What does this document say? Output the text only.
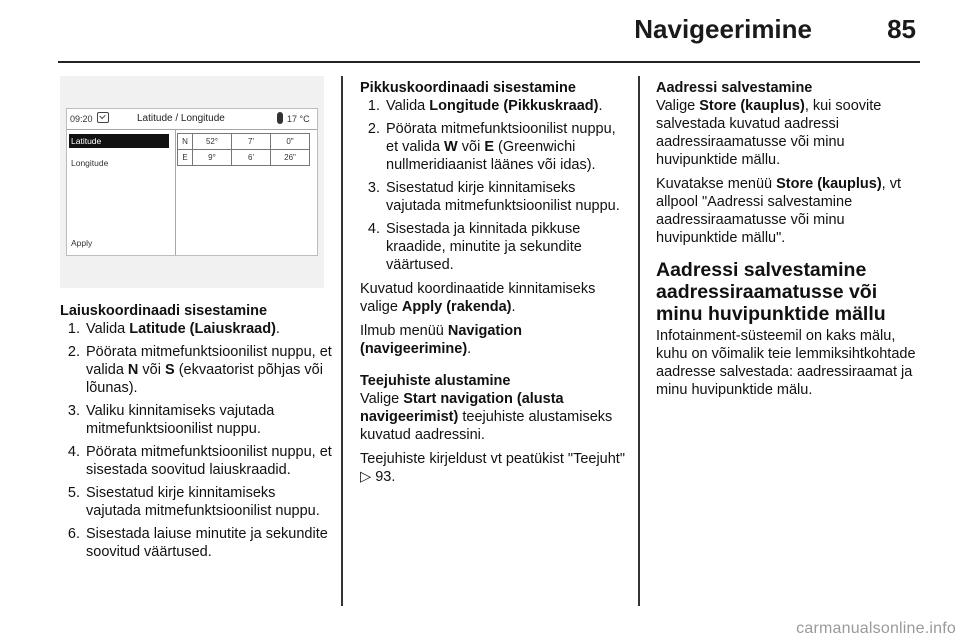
Navigeerimine	85
09:20	Latitude / Longitude	17 °C
Latitude
Longitude
Apply
N	52°	7'	0"
E	9°	6'	26"

Laiuskoordinaadi sisestamine

1. Valida Latitude (Laiuskraad).
2. Pöörata mitmefunktsioonilist nuppu, et valida N või S (ekvaatorist põhjas või lõunas).
3. Valiku kinnitamiseks vajutada mitmefunktsioonilist nuppu.
4. Pöörata mitmefunktsioonilist nuppu, et sisestada soovitud laiuskraadid.
5. Sisestatud kirje kinnitamiseks vajutada mitmefunktsioonilist nuppu.
6. Sisestada laiuse minutite ja sekundite soovitud väärtused.

Pikkuskoordinaadi sisestamine

1. Valida Longitude (Pikkuskraad).
2. Pöörata mitmefunktsioonilist nuppu, et valida W või E (Greenwichi nullmeridiaanist läänes või idas).
3. Sisestatud kirje kinnitamiseks vajutada mitmefunktsioonilist nuppu.
4. Sisestada ja kinnitada pikkuse kraadide, minutite ja sekundite väärtused.

Kuvatud koordinaatide kinnitamiseks valige Apply (rakenda).

Ilmub menüü Navigation (navigeerimine).

Teejuhiste alustamine

Valige Start navigation (alusta navigeerimist) teejuhiste alustamiseks kuvatud aadressini.

Teejuhiste kirjeldust vt peatükist "Teejuht" ▷ 93.

Aadressi salvestamine

Valige Store (kauplus), kui soovite salvestada kuvatud aadressi aadressiraamatusse või minu huvipunktide mällu.

Kuvatakse menüü Store (kauplus), vt allpool "Aadressi salvestamine aadressiraamatusse või minu huvipunktide mällu".

Aadressi salvestamine aadressiraamatusse või minu huvipunktide mällu

Infotainment-süsteemil on kaks mälu, kuhu on võimalik teie lemmiksihtkohtade aadresse salvestada: aadressiraamat ja minu huvipunktide mälu.

carmanualsonline.info
